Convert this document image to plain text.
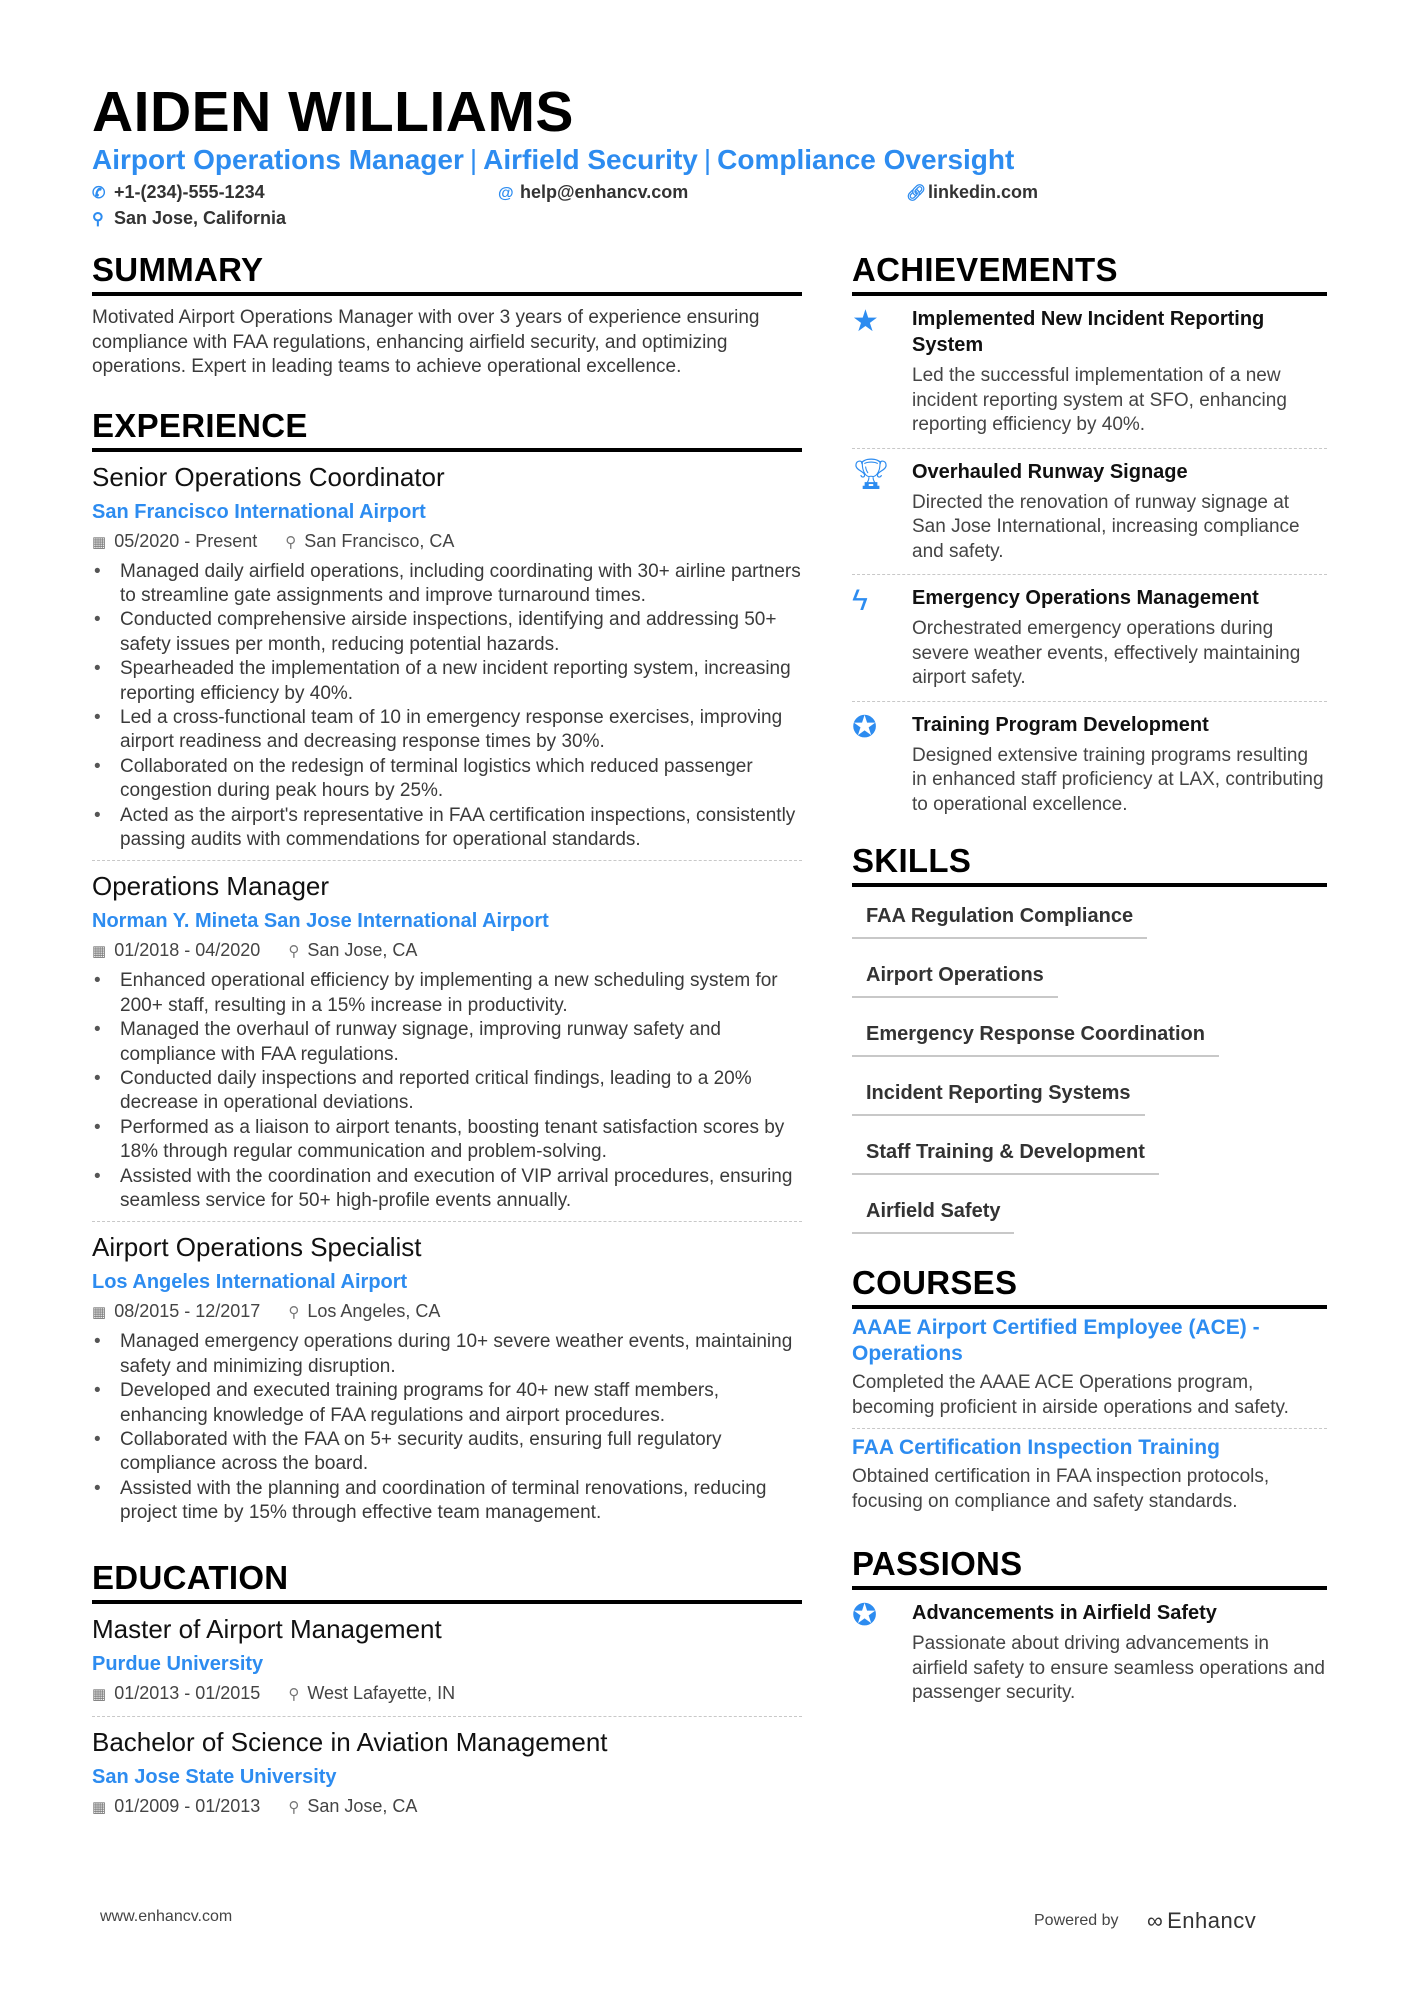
AIDEN WILLIAMS
Airport Operations Manager | Airfield Security | Compliance Oversight
✆ +1-(234)-555-1234	@ help@enhancv.com	🔗︎linkedin.com
⚲ San Jose, California
SUMMARY
Motivated Airport Operations Manager with over 3 years of experience ensuring compliance with FAA regulations, enhancing airfield security, and optimizing operations. Expert in leading teams to achieve operational excellence.
EXPERIENCE
Senior Operations Coordinator
San Francisco International Airport
▦ 05/2020 - Present ⚲ San Francisco, CA
• Managed daily airfield operations, including coordinating with 30+ airline partners to streamline gate assignments and improve turnaround times.
• Conducted comprehensive airside inspections, identifying and addressing 50+ safety issues per month, reducing potential hazards.
• Spearheaded the implementation of a new incident reporting system, increasing reporting efficiency by 40%.
• Led a cross-functional team of 10 in emergency response exercises, improving airport readiness and decreasing response times by 30%.
• Collaborated on the redesign of terminal logistics which reduced passenger congestion during peak hours by 25%.
• Acted as the airport's representative in FAA certification inspections, consistently passing audits with commendations for operational standards.
Operations Manager
Norman Y. Mineta San Jose International Airport
▦ 01/2018 - 04/2020 ⚲ San Jose, CA
• Enhanced operational efficiency by implementing a new scheduling system for 200+ staff, resulting in a 15% increase in productivity.
• Managed the overhaul of runway signage, improving runway safety and compliance with FAA regulations.
• Conducted daily inspections and reported critical findings, leading to a 20% decrease in operational deviations.
• Performed as a liaison to airport tenants, boosting tenant satisfaction scores by 18% through regular communication and problem-solving.
• Assisted with the coordination and execution of VIP arrival procedures, ensuring seamless service for 50+ high-profile events annually.
Airport Operations Specialist
Los Angeles International Airport
▦ 08/2015 - 12/2017 ⚲ Los Angeles, CA
• Managed emergency operations during 10+ severe weather events, maintaining safety and minimizing disruption.
• Developed and executed training programs for 40+ new staff members, enhancing knowledge of FAA regulations and airport procedures.
• Collaborated with the FAA on 5+ security audits, ensuring full regulatory compliance across the board.
• Assisted with the planning and coordination of terminal renovations, reducing project time by 15% through effective team management.
EDUCATION
Master of Airport Management
Purdue University
▦ 01/2013 - 01/2015 ⚲ West Lafayette, IN
Bachelor of Science in Aviation Management
San Jose State University
▦ 01/2009 - 01/2013 ⚲ San Jose, CA
ACHIEVEMENTS
★	Implemented New Incident Reporting System
Led the successful implementation of a new incident reporting system at SFO, enhancing reporting efficiency by 40%.
🏆︎	Overhauled Runway Signage
Directed the renovation of runway signage at San Jose International, increasing compliance and safety.
ϟ	Emergency Operations Management
Orchestrated emergency operations during severe weather events, effectively maintaining airport safety.
✪	Training Program Development
Designed extensive training programs resulting in enhanced staff proficiency at LAX, contributing to operational excellence.
SKILLS
FAA Regulation Compliance
Airport Operations
Emergency Response Coordination
Incident Reporting Systems
Staff Training & Development
Airfield Safety
COURSES
AAAE Airport Certified Employee (ACE) - Operations
Completed the AAAE ACE Operations program, becoming proficient in airside operations and safety.
FAA Certification Inspection Training
Obtained certification in FAA inspection protocols, focusing on compliance and safety standards.
PASSIONS
✪	Advancements in Airfield Safety
Passionate about driving advancements in airfield safety to ensure seamless operations and passenger security.
www.enhancv.com	Powered by ∞ Enhancv
